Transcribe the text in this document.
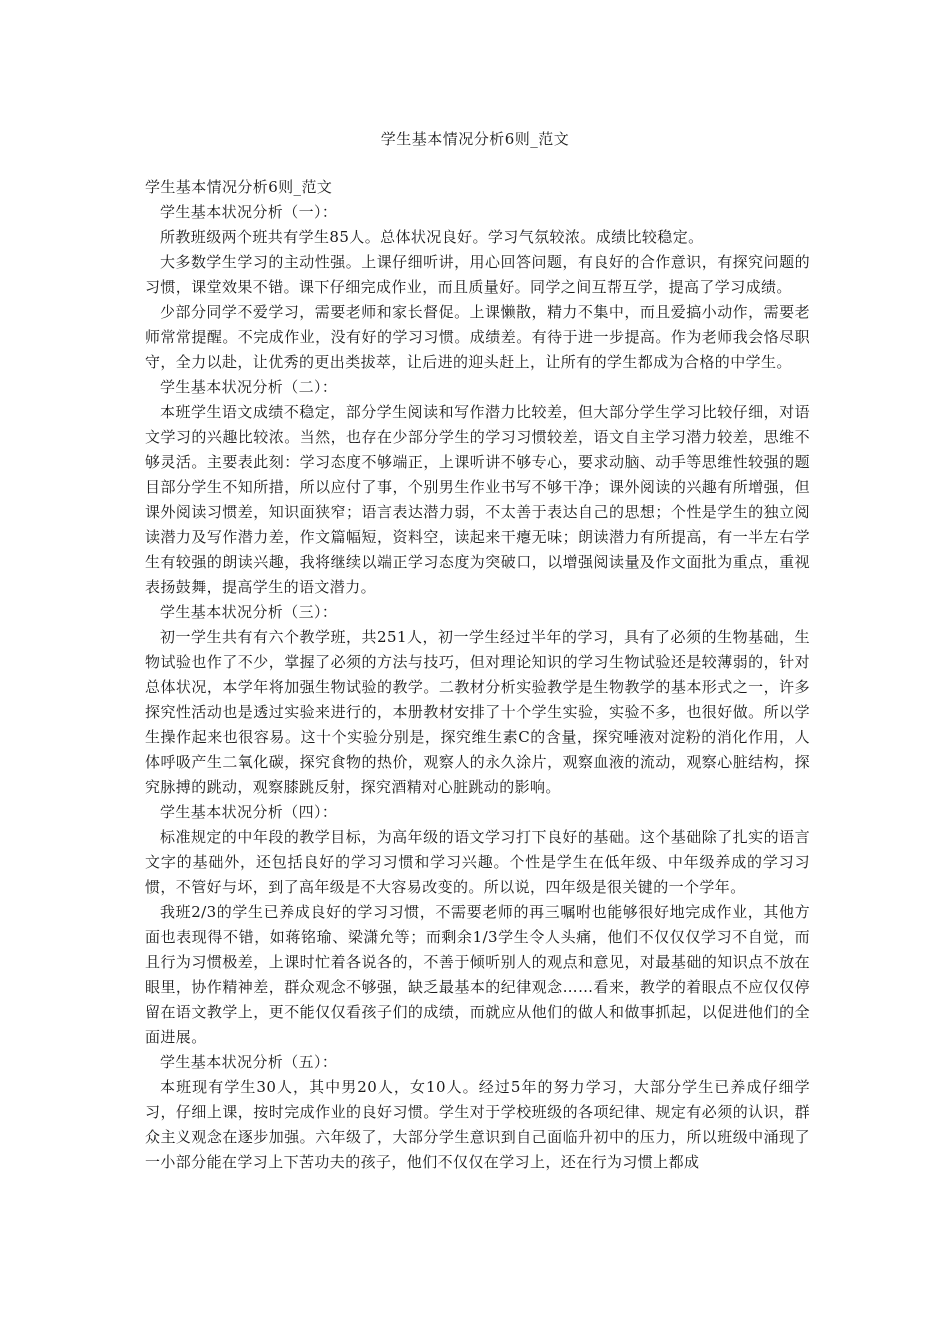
学生基本情况分析6则_范文

学生基本情况分析6则_范文

学生基本状况分析（一）：

所教班级两个班共有学生85人。总体状况良好。学习气氛较浓。成绩比较稳定。

大多数学生学习的主动性强。上课仔细听讲，用心回答问题，有良好的合作意识，有探究问题的习惯，课堂效果不错。课下仔细完成作业，而且质量好。同学之间互帮互学，提高了学习成绩。

少部分同学不爱学习，需要老师和家长督促。上课懒散，精力不集中，而且爱搞小动作，需要老师常常提醒。不完成作业，没有好的学习习惯。成绩差。有待于进一步提高。作为老师我会恪尽职守，全力以赴，让优秀的更出类拔萃，让后进的迎头赶上，让所有的学生都成为合格的中学生。

学生基本状况分析（二）：

本班学生语文成绩不稳定，部分学生阅读和写作潜力比较差，但大部分学生学习比较仔细，对语文学习的兴趣比较浓。当然，也存在少部分学生的学习习惯较差，语文自主学习潜力较差，思维不够灵活。主要表此刻：学习态度不够端正，上课听讲不够专心，要求动脑、动手等思维性较强的题目部分学生不知所措，所以应付了事，个别男生作业书写不够干净；课外阅读的兴趣有所增强，但课外阅读习惯差，知识面狭窄；语言表达潜力弱，不太善于表达自己的思想；个性是学生的独立阅读潜力及写作潜力差，作文篇幅短，资料空，读起来干瘪无味；朗读潜力有所提高，有一半左右学生有较强的朗读兴趣，我将继续以端正学习态度为突破口，以增强阅读量及作文面批为重点，重视表扬鼓舞，提高学生的语文潜力。

学生基本状况分析（三）：

初一学生共有有六个教学班，共251人，初一学生经过半年的学习，具有了必须的生物基础，生物试验也作了不少，掌握了必须的方法与技巧，但对理论知识的学习生物试验还是较薄弱的，针对总体状况，本学年将加强生物试验的教学。二教材分析实验教学是生物教学的基本形式之一，许多探究性活动也是透过实验来进行的，本册教材安排了十个学生实验，实验不多，也很好做。所以学生操作起来也很容易。这十个实验分别是，探究维生素C的含量，探究唾液对淀粉的消化作用，人体呼吸产生二氧化碳，探究食物的热价，观察人的永久涂片，观察血液的流动，观察心脏结构，探究脉搏的跳动，观察膝跳反射，探究酒精对心脏跳动的影响。

学生基本状况分析（四）：

标准规定的中年段的教学目标，为高年级的语文学习打下良好的基础。这个基础除了扎实的语言文字的基础外，还包括良好的学习习惯和学习兴趣。个性是学生在低年级、中年级养成的学习习惯，不管好与坏，到了高年级是不大容易改变的。所以说，四年级是很关键的一个学年。

我班2/3的学生已养成良好的学习习惯，不需要老师的再三嘱咐也能够很好地完成作业，其他方面也表现得不错，如蒋铭瑜、梁潇允等；而剩余1/3学生令人头痛，他们不仅仅仅学习不自觉，而且行为习惯极差，上课时忙着各说各的，不善于倾听别人的观点和意见，对最基础的知识点不放在眼里，协作精神差，群众观念不够强，缺乏最基本的纪律观念……看来，教学的着眼点不应仅仅停留在语文教学上，更不能仅仅看孩子们的成绩，而就应从他们的做人和做事抓起，以促进他们的全面进展。

学生基本状况分析（五）：

本班现有学生30人，其中男20人，女10人。经过5年的努力学习，大部分学生已养成仔细学习，仔细上课，按时完成作业的良好习惯。学生对于学校班级的各项纪律、规定有必须的认识，群众主义观念在逐步加强。六年级了，大部分学生意识到自己面临升初中的压力，所以班级中涌现了一小部分能在学习上下苦功夫的孩子，他们不仅仅在学习上，还在行为习惯上都成
